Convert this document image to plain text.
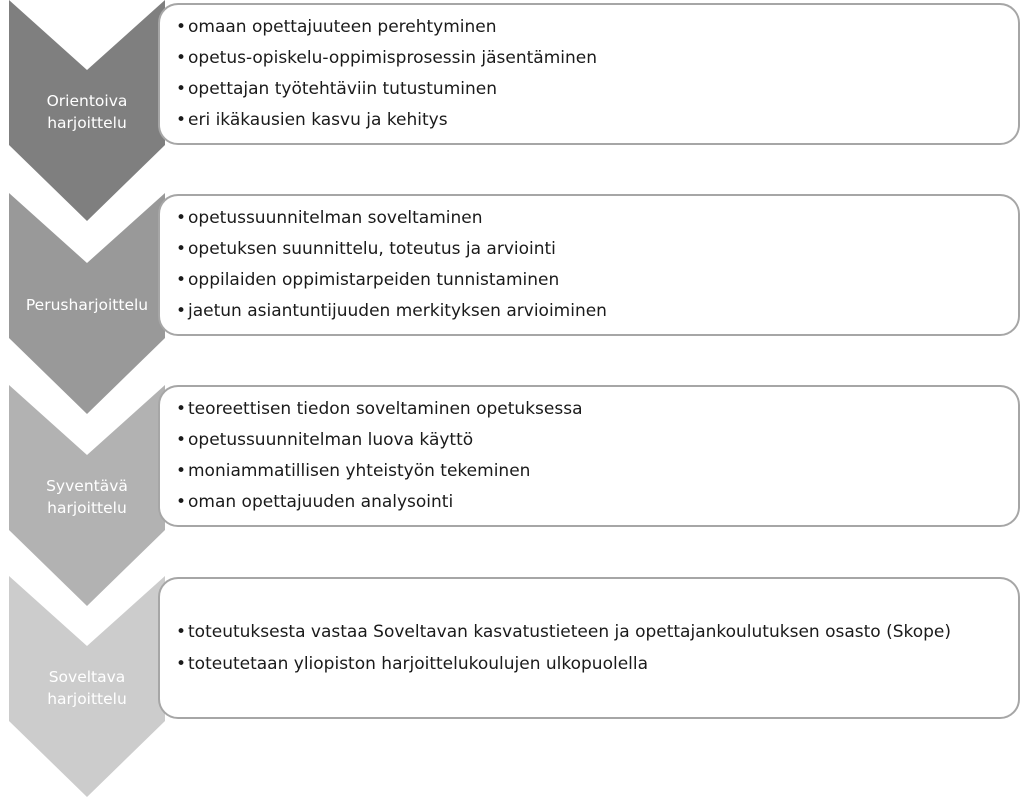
Orientoiva
harjoittelu
• omaan opettajuuteen perehtyminen
• opetus-opiskelu-oppimisprosessin jäsentäminen
• opettajan työtehtäviin tutustuminen
• eri ikäkausien kasvu ja kehitys
Perusharjoittelu
• opetussuunnitelman soveltaminen
• opetuksen suunnittelu, toteutus ja arviointi
• oppilaiden oppimistarpeiden tunnistaminen
• jaetun asiantuntijuuden merkityksen arvioiminen
Syventävä
harjoittelu
• teoreettisen tiedon soveltaminen opetuksessa
• opetussuunnitelman luova käyttö
• moniammatillisen yhteistyön tekeminen
• oman opettajuuden analysointi
Soveltava
harjoittelu
• toteutuksesta vastaa Soveltavan kasvatustieteen ja opettajankoulutuksen osasto (Skope)
• toteutetaan yliopiston harjoittelukoulujen ulkopuolella
